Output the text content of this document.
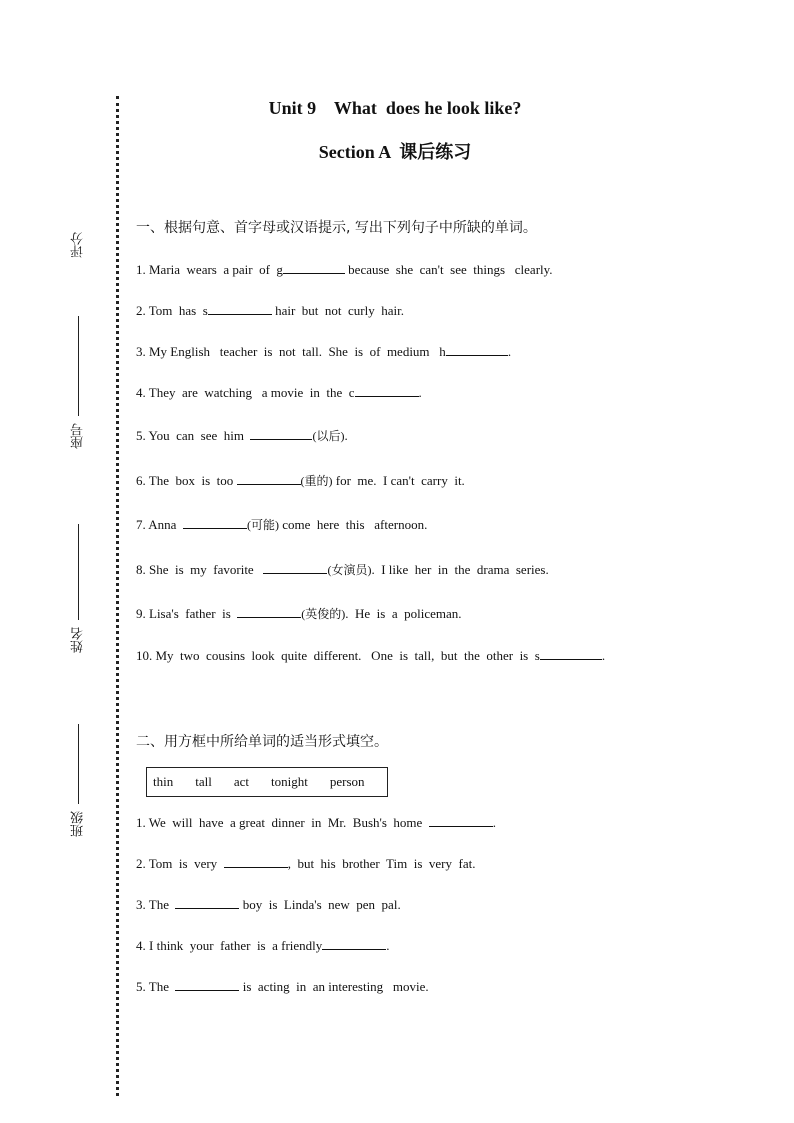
评分
座号
姓名
班级
Unit 9    What  does he look like?
Section A  课后练习
一、根据句意、首字母或汉语提示, 写出下列句子中所缺的单词。
1. Maria  wears  a pair  of  g	because  she  can't  see  things   clearly.
2. Tom  has  s	hair  but  not  curly  hair.
3. My English   teacher  is  not  tall.  She  is  of  medium   h	.
4. They  are  watching   a movie  in  the  c	.
5. You  can  see  him	(以后).
6. The  box  is  too	(重的) for  me.  I can't  carry  it.
7. Anna	(可能) come  here  this   afternoon.
8. She  is  my  favorite	(女演员).  I like  her  in  the  drama  series.
9. Lisa's  father  is	(英俊的).  He  is  a  policeman.
10. My  two  cousins  look  quite  different.   One  is  tall,  but  the  other  is  s	.
二、用方框中所给单词的适当形式填空。
thin tall act tonight person
1. We  will  have  a great  dinner  in  Mr.  Bush's  home	.
2. Tom  is  very	,  but  his  brother  Tim  is  very  fat.
3. The	boy  is  Linda's  new  pen  pal.
4. I think  your  father  is  a friendly	.
5. The	is  acting  in  an interesting   movie.
